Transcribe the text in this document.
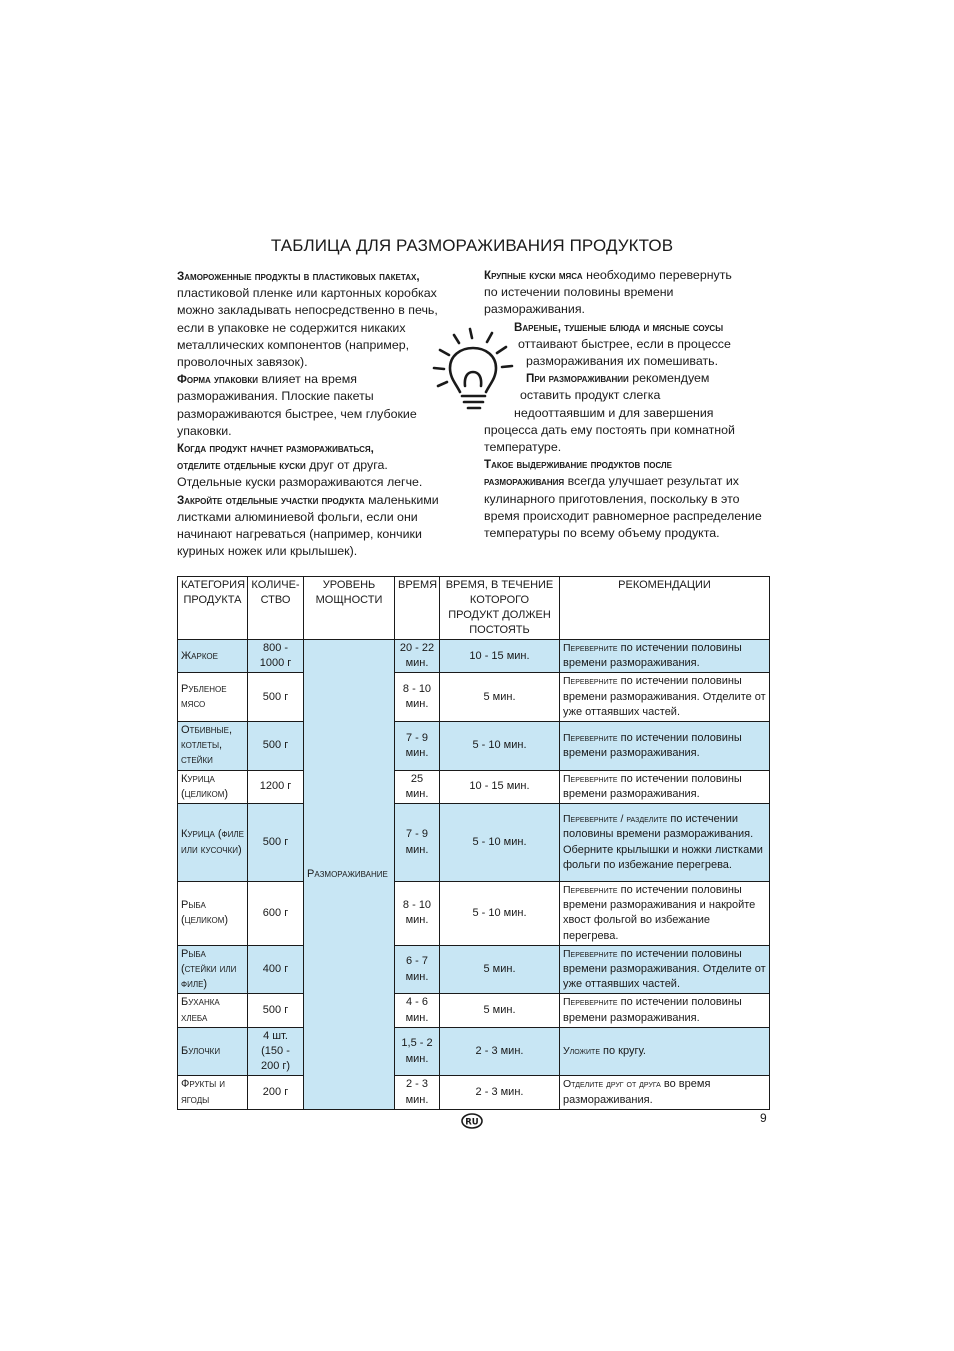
ТАБЛИЦА ДЛЯ РАЗМОРАЖИВАНИЯ ПРОДУКТОВ

Замороженные продукты в пластиковых пакетах,
пластиковой пленке или картонных коробках
можно закладывать непосредственно в печь,
если в упаковке не содержится никаких
металлических компонентов (например,
проволочных завязок).

Форма упаковки влияет на время
размораживания. Плоские пакеты
размораживаются быстрее, чем глубокие
упаковки.

Когда продукт начнет размораживаться,
отделите отдельные куски друг от друга.
Отдельные куски размораживаются легче.

Закройте отдельные участки продукта маленькими
листками алюминиевой фольги, если они
начинают нагреваться (например, кончики
куриных ножек или крылышек).

Крупные куски мяса необходимо перевернуть
по истечении половины времени
размораживания.

Вареные, тушеные блюда и мясные соусы
оттаивают быстрее, если в процессе
размораживания их помешивать.

При размораживании рекомендуем
оставить продукт слегка
недооттаявшим и для завершения
процесса дать ему постоять при комнатной
температуре.

Такое выдерживание продуктов после
размораживания всегда улучшает результат их
кулинарного приготовления, поскольку в это
время происходит равномерное распределение
температуры по всему объему продукта.

КАТЕГОРИЯ ПРОДУКТА	КОЛИЧЕ- СТВО	УРОВЕНЬ МОЩНОСТИ	ВРЕМЯ	ВРЕМЯ, В ТЕЧЕНИЕ КОТОРОГО ПРОДУКТ ДОЛЖЕН ПОСТОЯТЬ	РЕКОМЕНДАЦИИ
Жаркое	800 - 1000 г	Размораживание	20 - 22 мин.	10 - 15 мин.	Переверните по истечении половины времени размораживания.
Рубленое мясо	500 г		8 - 10 мин.	5 мин.	Переверните по истечении половины времени размораживания. Отделите от уже оттаявших частей.
Отбивные, котлеты, стейки	500 г		7 - 9 мин.	5 - 10 мин.	Переверните по истечении половины времени размораживания.
Курица (целиком)	1200 г		25 мин.	10 - 15 мин.	Переверните по истечении половины времени размораживания.
Курица (филе или кусочки)	500 г		7 - 9 мин.	5 - 10 мин.	Переверните / разделите по истечении половины времени размораживания. Оберните крылышки и ножки листками фольги по избежание перегрева.
Рыба (целиком)	600 г		8 - 10 мин.	5 - 10 мин.	Переверните по истечении половины времени размораживания и накройте хвост фольгой во избежание перегрева.
Рыба (стейки или филе)	400 г		6 - 7 мин.	5 мин.	Переверните по истечении половины времени размораживания. Отделите от уже оттаявших частей.
Буханка хлеба	500 г		4 - 6 мин.	5 мин.	Переверните по истечении половины времени размораживания.
Булочки	4 шт. (150 - 200 г)		1,5 - 2 мин.	2 - 3 мин.	Уложите по кругу.
Фрукты и ягоды	200 г		2 - 3 мин.	2 - 3 мин.	Отделите друг от друга во время размораживания.
RU	9
